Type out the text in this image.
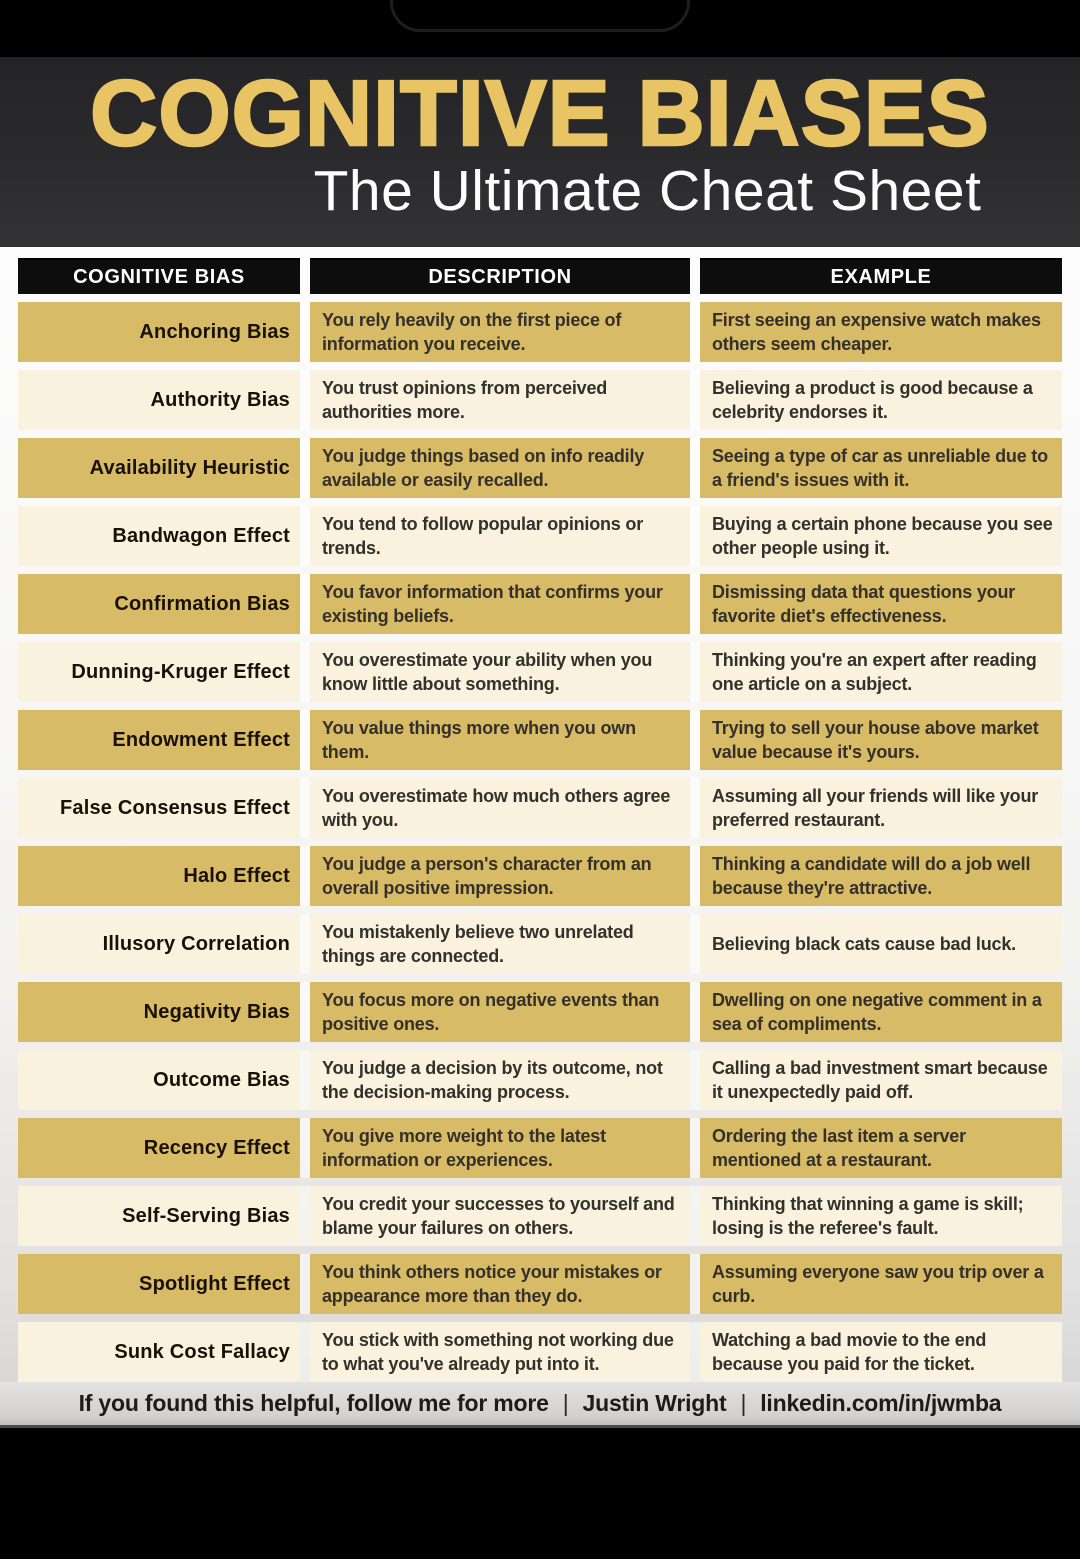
COGNITIVE BIASES
The Ultimate Cheat Sheet
COGNITIVE BIAS	DESCRIPTION	EXAMPLE
Anchoring Bias
You rely heavily on the first piece of information you receive.
First seeing an expensive watch makes others seem cheaper.
Authority Bias
You trust opinions from perceived authorities more.
Believing a product is good because a celebrity endorses it.
Availability Heuristic
You judge things based on info readily available or easily recalled.
Seeing a type of car as unreliable due to a friend's issues with it.
Bandwagon Effect
You tend to follow popular opinions or trends.
Buying a certain phone because you see other people using it.
Confirmation Bias
You favor information that confirms your existing beliefs.
Dismissing data that questions your favorite diet's effectiveness.
Dunning-Kruger Effect
You overestimate your ability when you know little about something.
Thinking you're an expert after reading one article on a subject.
Endowment Effect
You value things more when you own them.
Trying to sell your house above market value because it's yours.
False Consensus Effect
You overestimate how much others agree with you.
Assuming all your friends will like your preferred restaurant.
Halo Effect
You judge a person's character from an overall positive impression.
Thinking a candidate will do a job well because they're attractive.
Illusory Correlation
You mistakenly believe two unrelated things are connected.
Believing black cats cause bad luck.
Negativity Bias
You focus more on negative events than positive ones.
Dwelling on one negative comment in a sea of compliments.
Outcome Bias
You judge a decision by its outcome, not the decision-making process.
Calling a bad investment smart because it unexpectedly paid off.
Recency Effect
You give more weight to the latest information or experiences.
Ordering the last item a server mentioned at a restaurant.
Self-Serving Bias
You credit your successes to yourself and blame your failures on others.
Thinking that winning a game is skill; losing is the referee's fault.
Spotlight Effect
You think others notice your mistakes or appearance more than they do.
Assuming everyone saw you trip over a curb.
Sunk Cost Fallacy
You stick with something not working due to what you've already put into it.
Watching a bad movie to the end because you paid for the ticket.
If you found this helpful, follow me for more | Justin Wright | linkedin.com/in/jwmba
